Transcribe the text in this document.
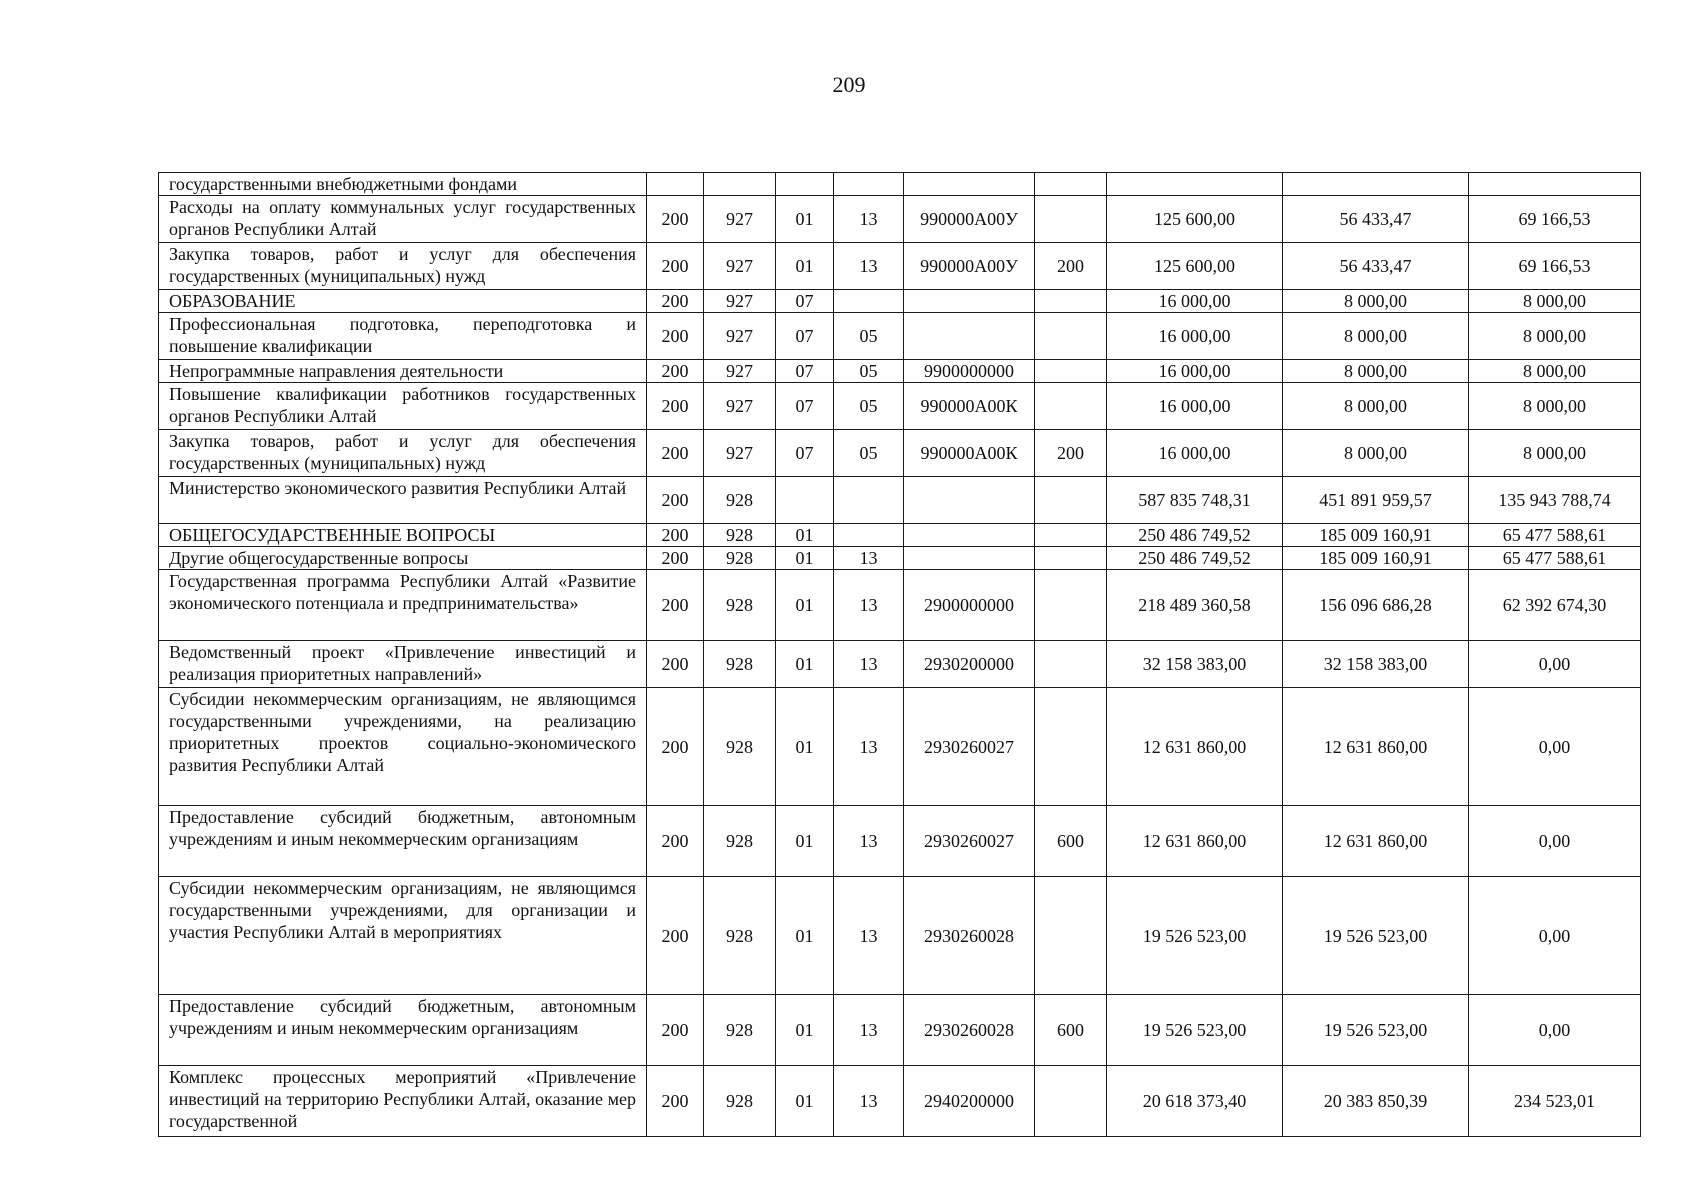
209
государственными внебюджетными фондами									
Расходы на оплату коммунальных услуг государственных органов Республики Алтай	200	927	01	13	990000А00У		125 600,00	56 433,47	69 166,53
Закупка товаров, работ и услуг для обеспечения государственных (муниципальных) нужд	200	927	01	13	990000А00У	200	125 600,00	56 433,47	69 166,53
ОБРАЗОВАНИЕ	200	927	07				16 000,00	8 000,00	8 000,00
Профессиональная подготовка, переподготовка и повышение квалификации	200	927	07	05			16 000,00	8 000,00	8 000,00
Непрограммные направления деятельности	200	927	07	05	9900000000		16 000,00	8 000,00	8 000,00
Повышение квалификации работников государственных органов Республики Алтай	200	927	07	05	990000А00К		16 000,00	8 000,00	8 000,00
Закупка товаров, работ и услуг для обеспечения государственных (муниципальных) нужд	200	927	07	05	990000А00К	200	16 000,00	8 000,00	8 000,00
Министерство экономического развития Республики Алтай	200	928					587 835 748,31	451 891 959,57	135 943 788,74
ОБЩЕГОСУДАРСТВЕННЫЕ ВОПРОСЫ	200	928	01				250 486 749,52	185 009 160,91	65 477 588,61
Другие общегосударственные вопросы	200	928	01	13			250 486 749,52	185 009 160,91	65 477 588,61
Государственная программа Республики Алтай «Развитие экономического потенциала и предпринимательства»	200	928	01	13	2900000000		218 489 360,58	156 096 686,28	62 392 674,30
Ведомственный проект «Привлечение инвестиций и реализация приоритетных направлений»	200	928	01	13	2930200000		32 158 383,00	32 158 383,00	0,00
Субсидии некоммерческим организациям, не являющимся государственными учреждениями, на реализацию приоритетных проектов социально-экономического развития Республики Алтай	200	928	01	13	2930260027		12 631 860,00	12 631 860,00	0,00
Предоставление субсидий бюджетным, автономным учреждениям и иным некоммерческим организациям	200	928	01	13	2930260027	600	12 631 860,00	12 631 860,00	0,00
Субсидии некоммерческим организациям, не являющимся государственными учреждениями, для организации и участия Республики Алтай в мероприятиях	200	928	01	13	2930260028		19 526 523,00	19 526 523,00	0,00
Предоставление субсидий бюджетным, автономным учреждениям и иным некоммерческим организациям	200	928	01	13	2930260028	600	19 526 523,00	19 526 523,00	0,00
Комплекс процессных мероприятий «Привлечение инвестиций на территорию Республики Алтай, оказание мер государственной	200	928	01	13	2940200000		20 618 373,40	20 383 850,39	234 523,01
